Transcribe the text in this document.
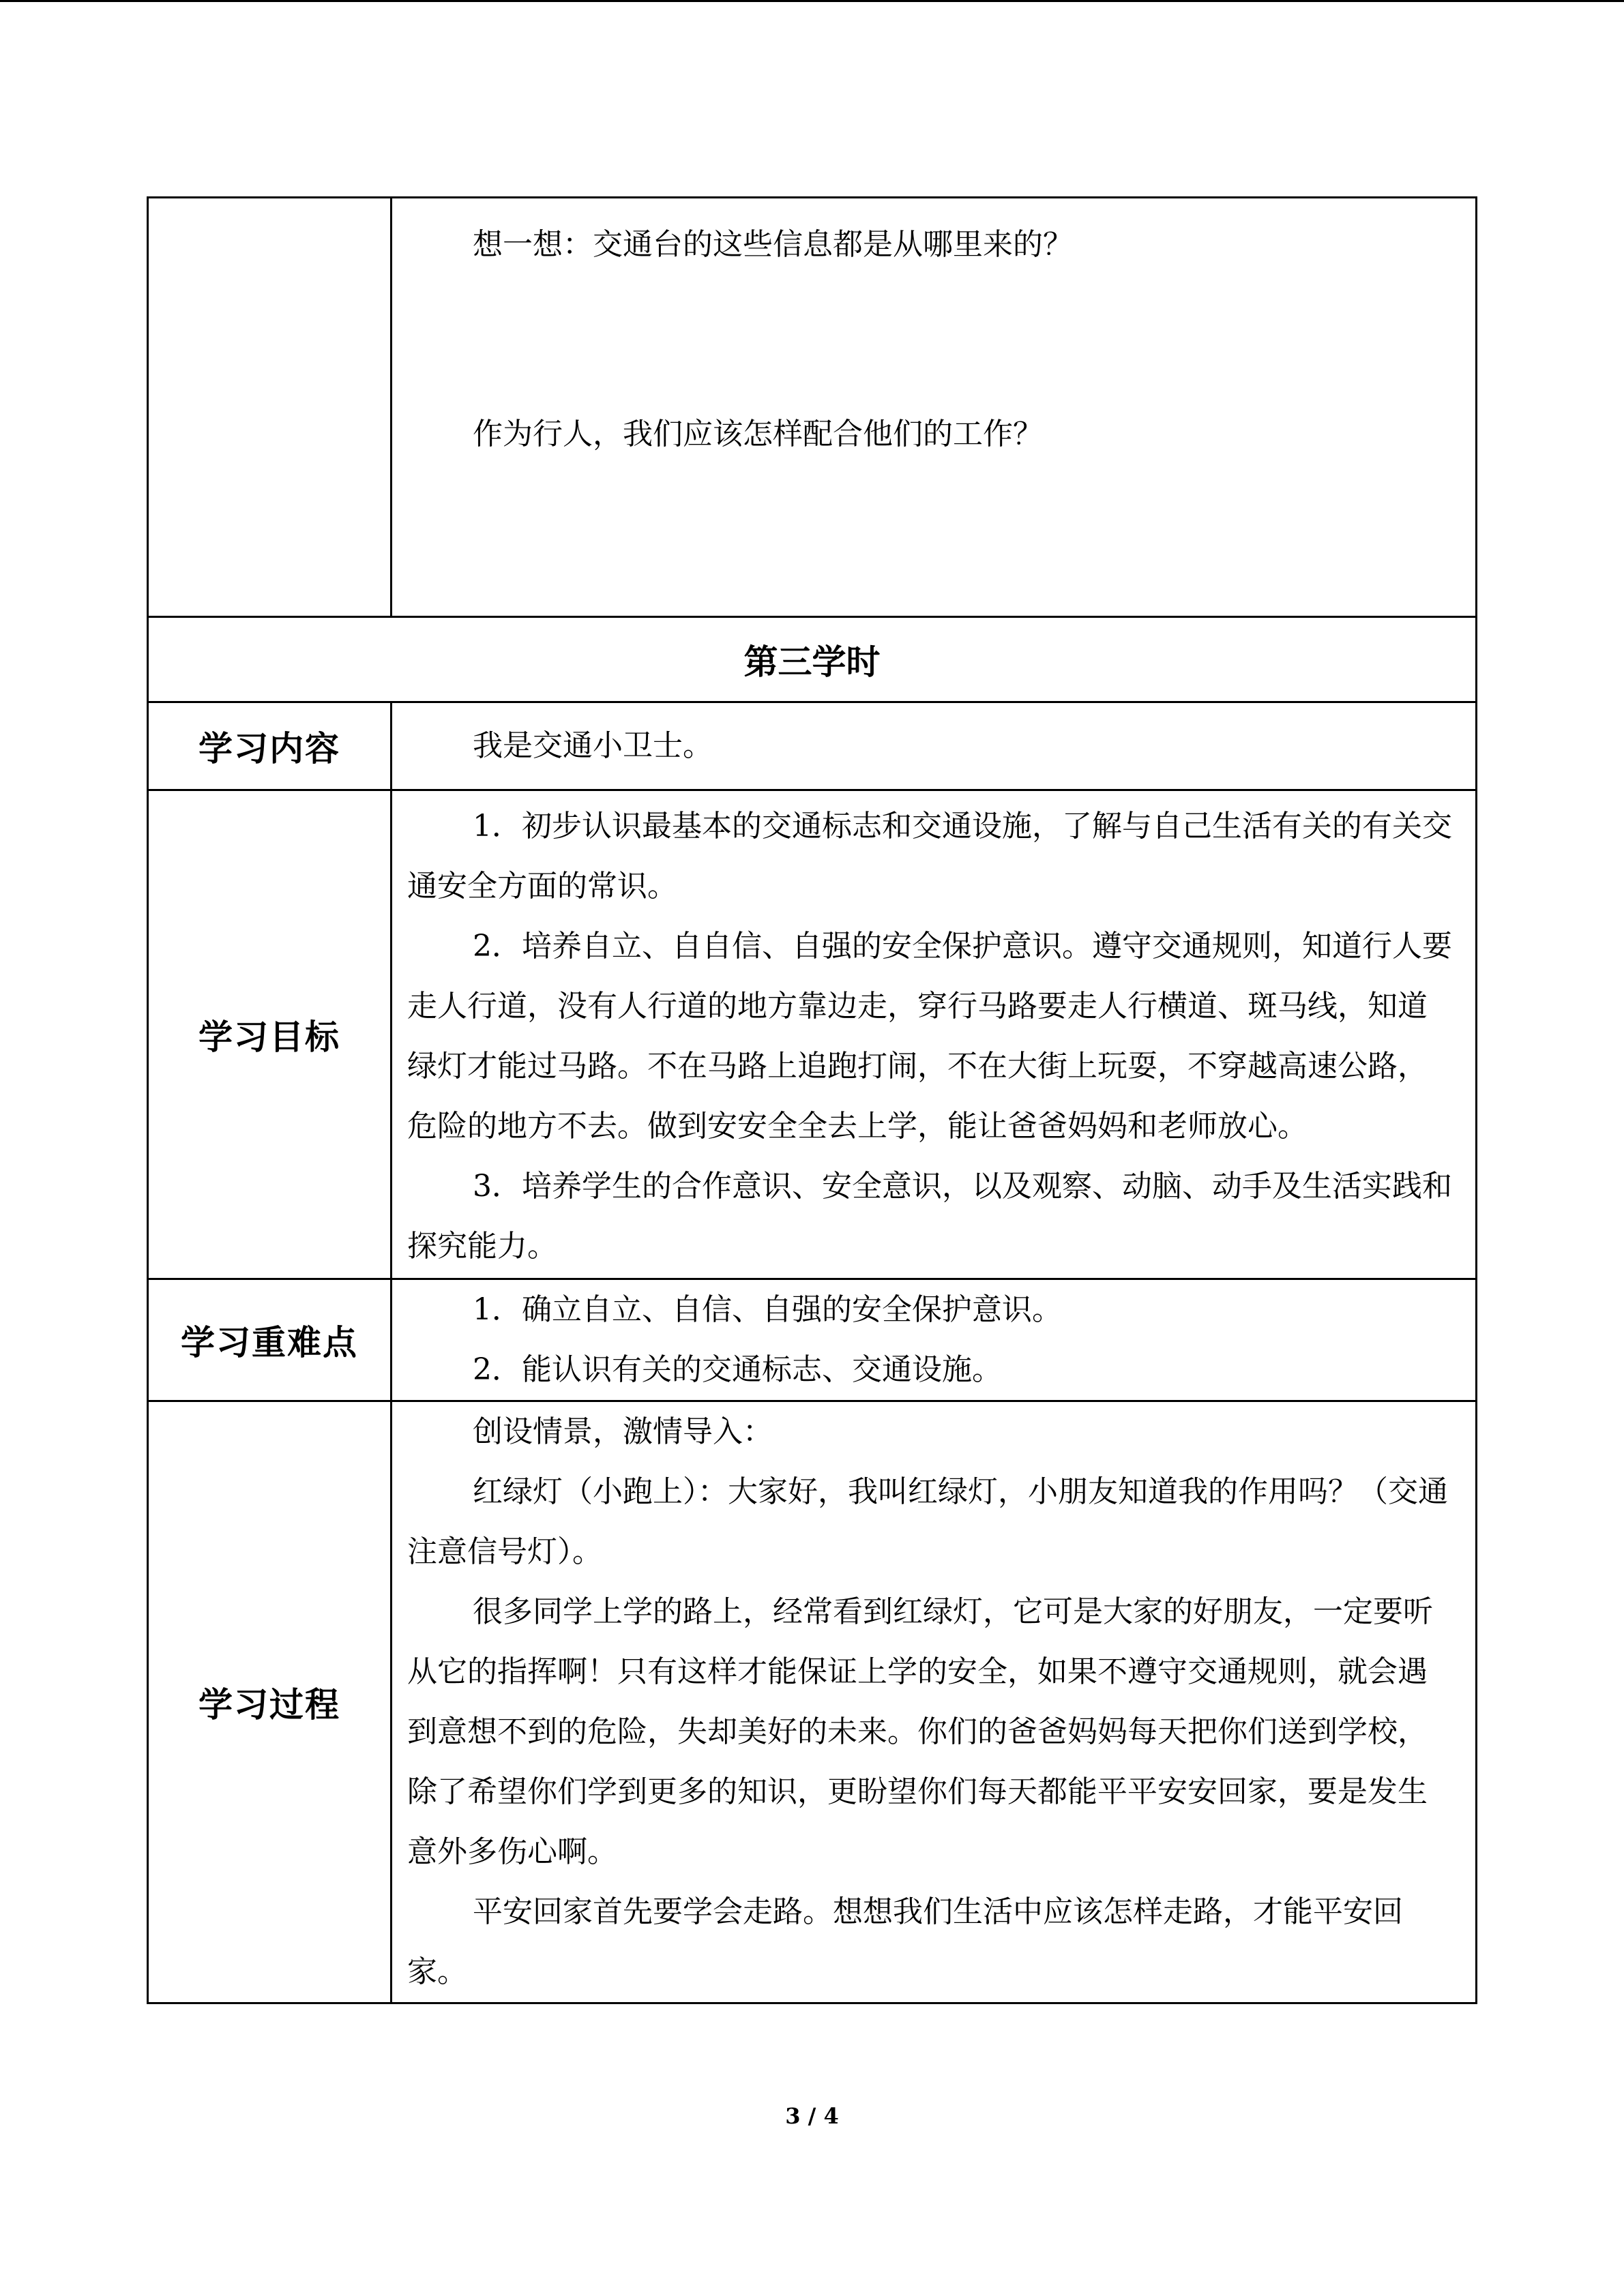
	想一想：交通台的这些信息都是从哪里来的？

作为行人，我们应该怎样配合他们的工作？

第三学时	
学习内容	我是交通小卫士。

学习目标	1．初步认识最基本的交通标志和交通设施，了解与自己生活有关的有关交通安全方面的常识。

2．培养自立、自自信、自强的安全保护意识。遵守交通规则，知道行人要走人行道，没有人行道的地方靠边走，穿行马路要走人行横道、斑马线，知道绿灯才能过马路。不在马路上追跑打闹，不在大街上玩耍，不穿越高速公路，危险的地方不去。做到安安全全去上学，能让爸爸妈妈和老师放心。

3．培养学生的合作意识、安全意识，以及观察、动脑、动手及生活实践和探究能力。

学习重难点	1．确立自立、自信、自强的安全保护意识。

2．能认识有关的交通标志、交通设施。

学习过程	创设情景，激情导入：

红绿灯（小跑上）：大家好，我叫红绿灯，小朋友知道我的作用吗？（交通注意信号灯）。

很多同学上学的路上，经常看到红绿灯，它可是大家的好朋友，一定要听从它的指挥啊！只有这样才能保证上学的安全，如果不遵守交通规则，就会遇到意想不到的危险，失却美好的未来。你们的爸爸妈妈每天把你们送到学校，除了希望你们学到更多的知识，更盼望你们每天都能平平安安回家，要是发生意外多伤心啊。

平安回家首先要学会走路。想想我们生活中应该怎样走路，才能平安回家。

3 / 4
